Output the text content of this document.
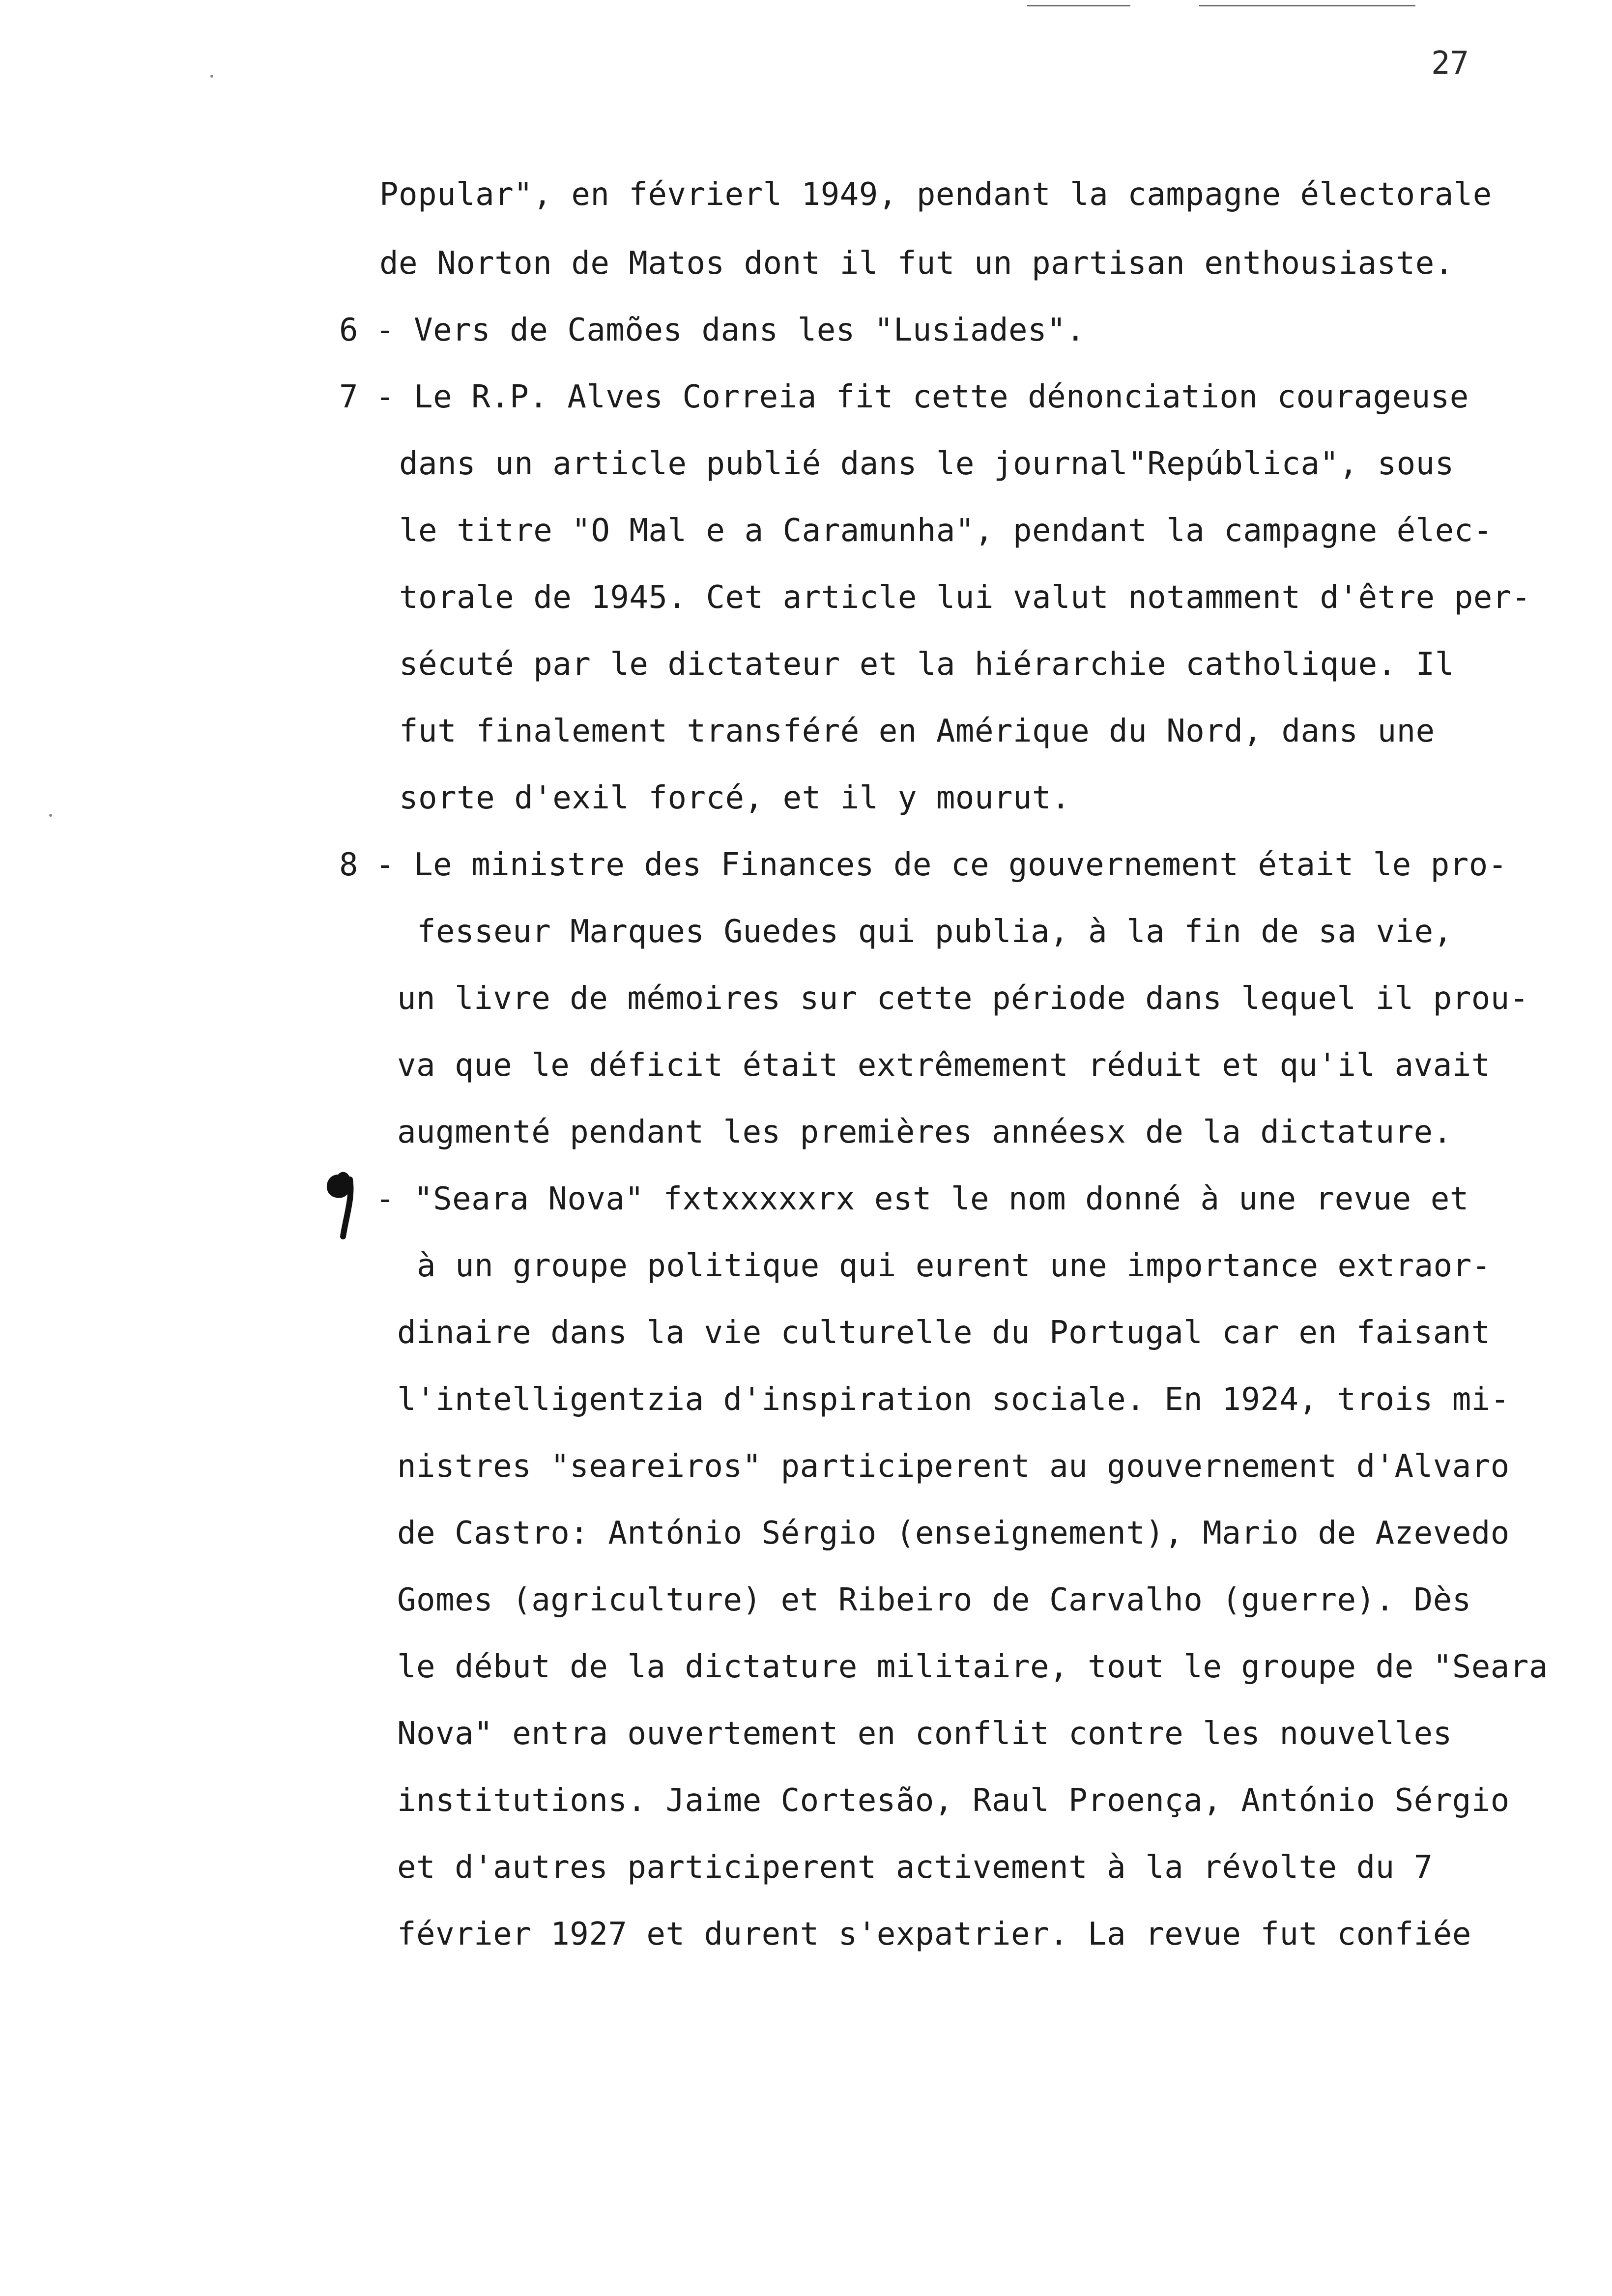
27
Popular", en févrierl 1949, pendant la campagne électorale
de Norton de Matos dont il fut un partisan enthousiaste.
6 - Vers de Camões dans les "Lusiades".
7 - Le R.P. Alves Correia fit cette dénonciation courageuse
dans un article publié dans le journal"República", sous
le titre "O Mal e a Caramunha", pendant la campagne élec-
torale de 1945. Cet article lui valut notamment d'être per-
sécuté par le dictateur et la hiérarchie catholique. Il
fut finalement transféré en Amérique du Nord, dans une
sorte d'exil forcé, et il y mourut.
8 - Le ministre des Finances de ce gouvernement était le pro-
fesseur Marques Guedes qui publia, à la fin de sa vie,
un livre de mémoires sur cette période dans lequel il prou-
va que le déficit était extrêmement réduit et qu'il avait
augmenté pendant les premières annéesx de la dictature.
9	- "Seara Nova" fxtxxxxxrx est le nom donné à une revue et
à un groupe politique qui eurent une importance extraor-
dinaire dans la vie culturelle du Portugal car en faisant
l'intelligentzia d'inspiration sociale. En 1924, trois mi-
nistres "seareiros" participerent au gouvernement d'Alvaro
de Castro: António Sérgio (enseignement), Mario de Azevedo
Gomes (agriculture) et Ribeiro de Carvalho (guerre). Dès
le début de la dictature militaire, tout le groupe de "Seara
Nova" entra ouvertement en conflit contre les nouvelles
institutions. Jaime Cortesão, Raul Proença, António Sérgio
et d'autres participerent activement à la révolte du 7
février 1927 et durent s'expatrier. La revue fut confiée
